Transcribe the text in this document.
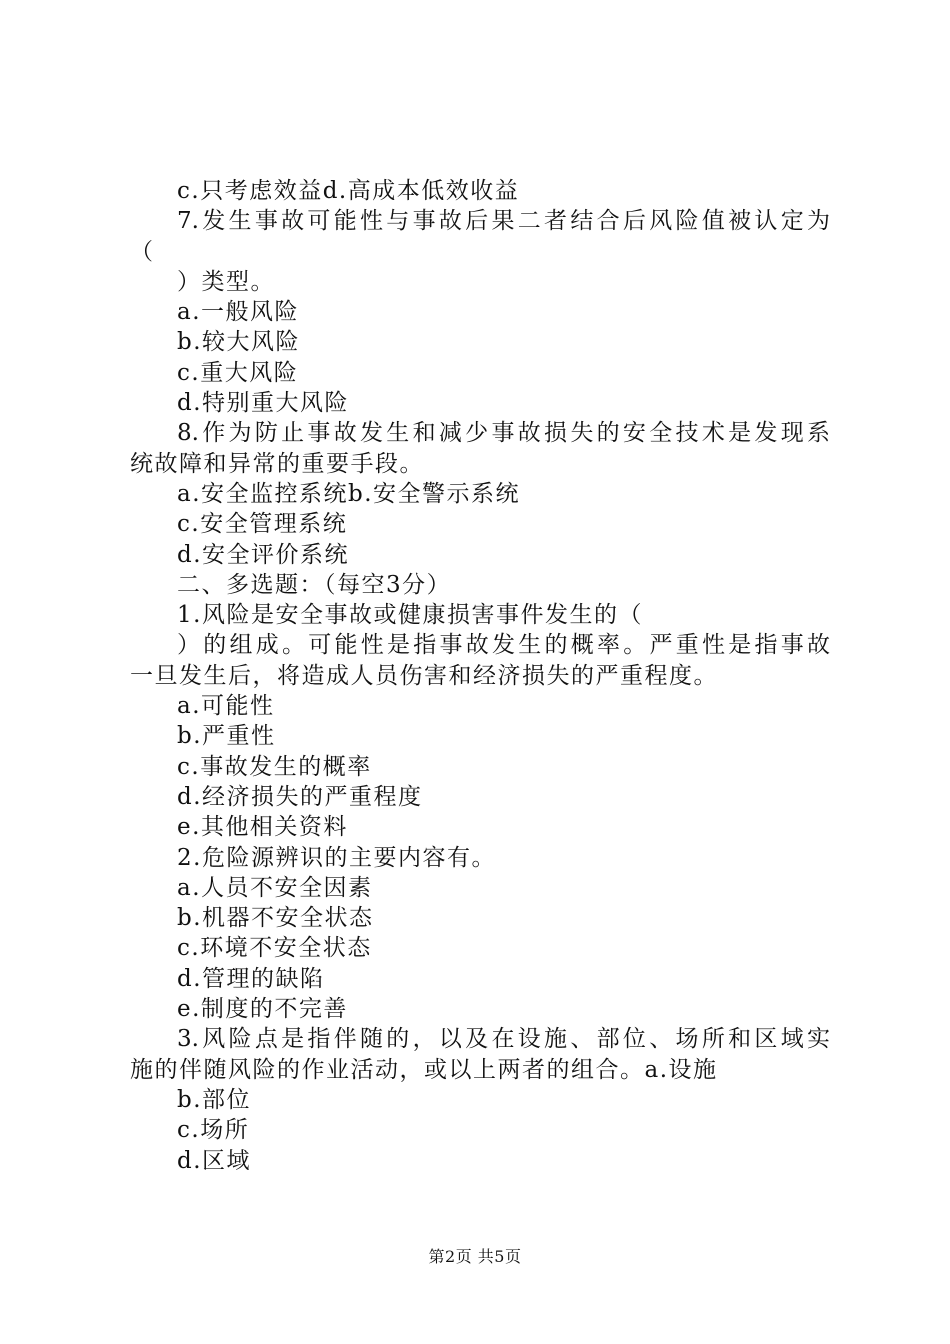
c.只考虑效益d.高成本低效收益
7.发生事故可能性与事故后果二者结合后风险值被认定为
（
）类型。
a.一般风险
b.较大风险
c.重大风险
d.特别重大风险
8.作为防止事故发生和减少事故损失的安全技术是发现系
统故障和异常的重要手段。
a.安全监控系统b.安全警示系统
c.安全管理系统
d.安全评价系统
二、多选题：（每空3分）
1.风险是安全事故或健康损害事件发生的（
）的组成。可能性是指事故发生的概率。严重性是指事故
一旦发生后，将造成人员伤害和经济损失的严重程度。
a.可能性
b.严重性
c.事故发生的概率
d.经济损失的严重程度
e.其他相关资料
2.危险源辨识的主要内容有。
a.人员不安全因素
b.机器不安全状态
c.环境不安全状态
d.管理的缺陷
e.制度的不完善
3.风险点是指伴随的，以及在设施、部位、场所和区域实
施的伴随风险的作业活动，或以上两者的组合。a.设施
b.部位
c.场所
d.区域
第2页 共5页
